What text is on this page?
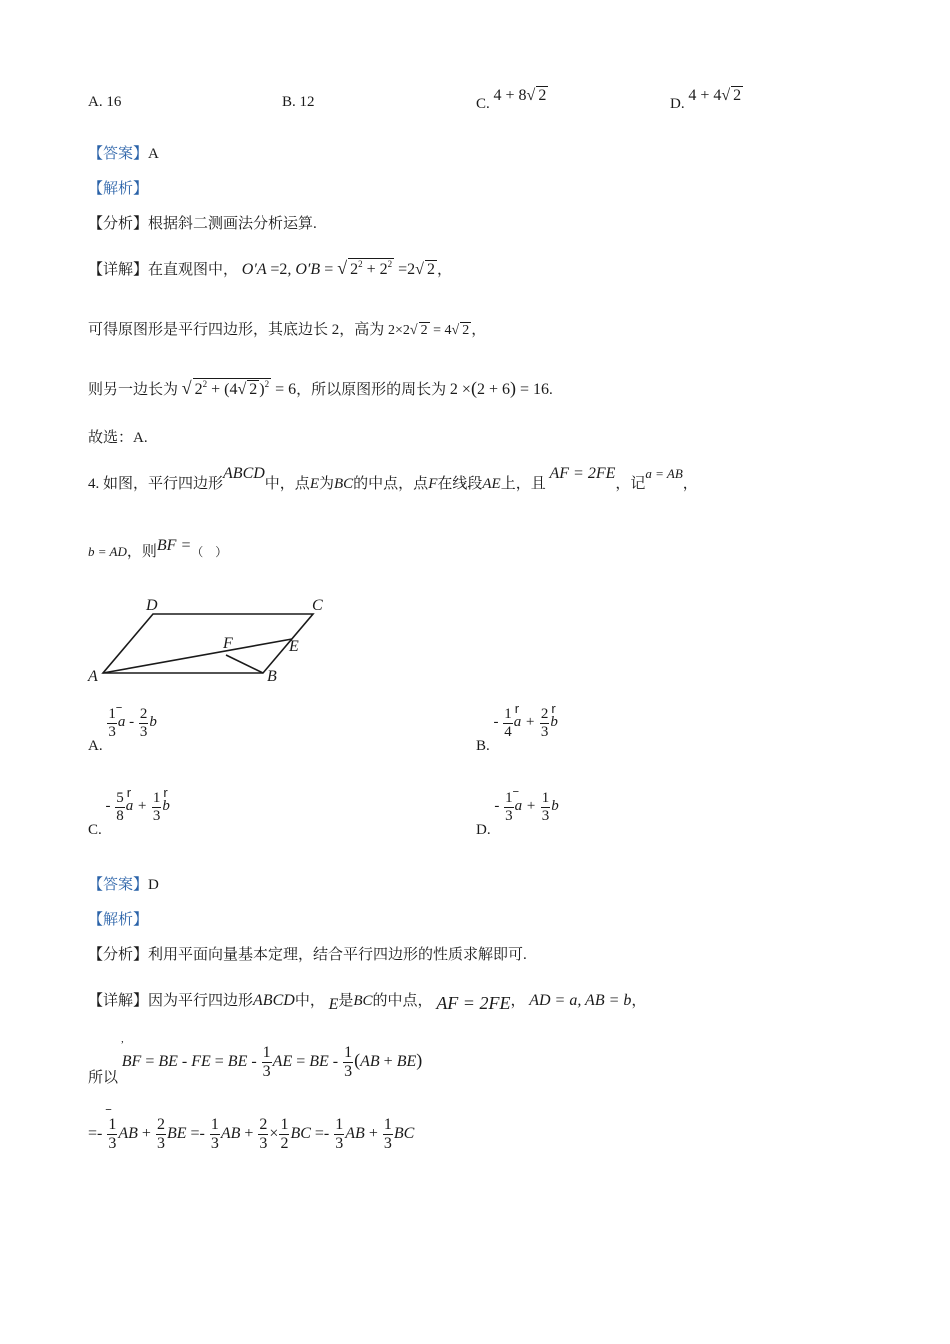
A. 16	B. 12	C. 4 + 8√ 2	D. 4 + 4√ 2
【答案】A
【解析】
【分析】根据斜二测画法分析运算.
【详解】在直观图中， O′A =2, O′B = √ $2^2 + 2^2 =2√$ 2 ，
可得原图形是平行四边形，其底边长 2，高为 2×2√ 2 = 4√ 2 ，
则另一边长为 √ $2^2 + (4√$ 2 )$^2$ = 6，所以原图形的周长为 2 ×(2 + 6) = 16.
故选：A.
4. 如图，平行四边形ABCD中，点E为BC的中点，点F在线段AE上，且 AF = 2FE，记a = AB，
b = AD，则BF =（　）
D	C
F	E
A	B
A.
$\frac{1}{3}$
-- a - $\frac{2}{3}$ b
B. - $\frac{1}{4}$
r $a + \frac{2}{3}$
r b
C. - $\frac{5}{8}$
r $a + \frac{1}{3}$
r b
D. - $\frac{1}{3}$
-- $a + \frac{1}{3}$ b
【答案】D
【解析】
【分析】利用平面向量基本定理，结合平行四边形的性质求解即可.
【详解】因为平行四边形ABCD中， E是BC的中点， AF = 2FE， AD = a, AB = b，
所以 BF
ʼ
= BE - FE = BE - $\frac{1}{3}$ AE = BE - $\frac{1}{3} (AB + BE)$
=-
-- $\frac{1}{3}$ AB + $\frac{2}{3}$ BE =- $\frac{1}{3}$ AB + $\frac{2}{3} \times \frac{1}{2}$ BC =- $\frac{1}{3}$ AB + $\frac{1}{3}$ BC
